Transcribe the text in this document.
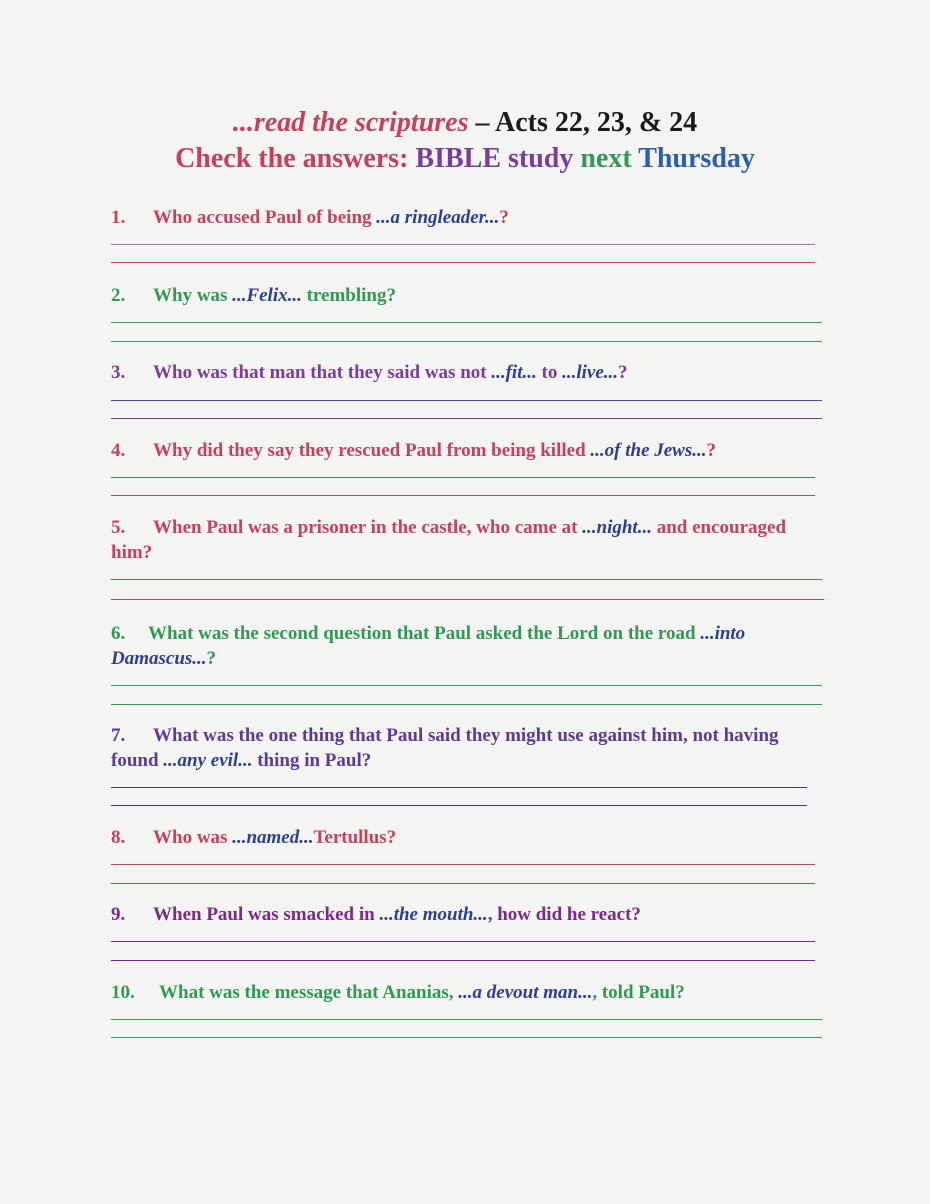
...read the scriptures – Acts 22, 23, & 24
Check the answers: BIBLE study next Thursday
1. Who accused Paul of being ...a ringleader...?
2. Why was ...Felix... trembling?
3. Who was that man that they said was not ...fit... to ...live...?
4. Why did they say they rescued Paul from being killed ...of the Jews...?
5. When Paul was a prisoner in the castle, who came at ...night... and encouraged him?
6. What was the second question that Paul asked the Lord on the road ...into Damascus...?
7. What was the one thing that Paul said they might use against him, not having found ...any evil... thing in Paul?
8. Who was ...named...Tertullus?
9. When Paul was smacked in ...the mouth..., how did he react?
10. What was the message that Ananias, ...a devout man..., told Paul?
